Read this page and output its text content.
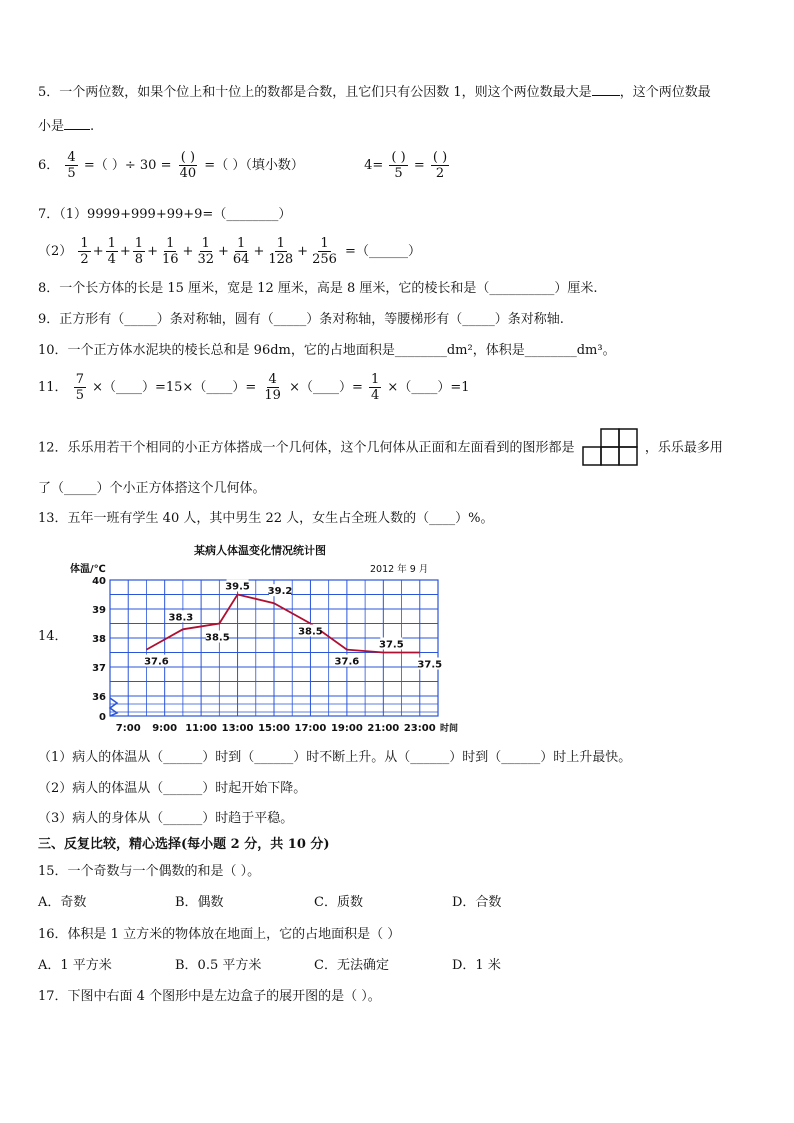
5．一个两位数，如果个位上和十位上的数都是合数，且它们只有公因数 1，则这个两位数最大是 ，这个两位数最
小是 .
6． $\frac{4}{5}$ =（ ）÷ $30 = \frac{( )}{40}$ =（ ）（填小数）	$4= \frac{( )}{5} = \frac{( )}{2}$
7．（1）9999+999+99+9=（________）
$(2) \frac{1}{2} + \frac{1}{4} + \frac{1}{8} + \frac{1}{16} + \frac{1}{32} + \frac{1}{64} + \frac{1}{128} + \frac{1}{256}$ =（______）
8．一个长方体的长是 15 厘米，宽是 12 厘米，高是 8 厘米，它的棱长和是（__________）厘米.
9．正方形有（_____）条对称轴，圆有（_____）条对称轴，等腰梯形有（_____）条对称轴.
10．一个正方体水泥块的棱长总和是 96dm，它的占地面积是________dm²，体积是________dm³。
11． $\frac{7}{5}$ ×（____）=15×（____）= $\frac{4}{19}$ ×（____）= $\frac{1}{4}$ ×（____）=1
12．乐乐用若干个相同的小正方体搭成一个几何体，这个几何体从正面和左面看到的图形都是	，乐乐最多用
了（_____）个小正方体搭这个几何体。
13．五年一班有学生 40 人，其中男生 22 人，女生占全班人数的（____）%。
14．
0
36
37
38
39
40
7:00 9:00 11:00 13:00 15:00 17:00 19:00 21:00 23:00 时间
体温/℃
某病人体温变化情况统计图
2012 年 9 月
37.6
38.3
38.5
39.5 39.2
38.5
37.6
37.5
37.5
（1）病人的体温从（______）时到（______）时不断上升。从（______）时到（______）时上升最快。
（2）病人的体温从（______）时起开始下降。
（3）病人的身体从（______）时趋于平稳。
三、反复比较，精心选择(每小题 2 分，共 10 分)
15．一个奇数与一个偶数的和是（ ）。
A．奇数	B．偶数	C．质数	D．合数
16．体积是 1 立方米的物体放在地面上，它的占地面积是（ ）
A．1 平方米	B．0.5 平方米	C．无法确定	D．1 米
17．下图中右面 4 个图形中是左边盒子的展开图的是（ ）。
